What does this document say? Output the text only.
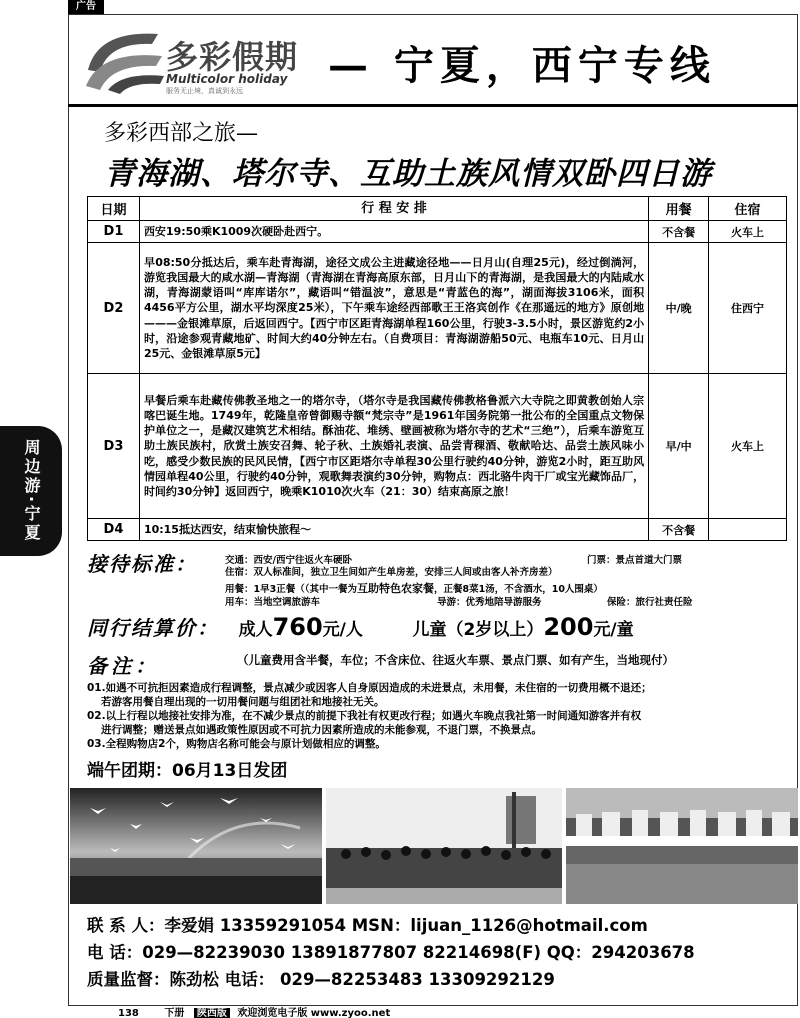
广告
多彩假期
Multicolor holiday
服务无止境，真诚到永远
— 宁夏，西宁专线
多彩西部之旅—
青海湖、塔尔寺、互助土族风情双卧四日游
周边游·宁夏
日期	行 程 安 排	用餐	住宿
D1	西安19:50乘K1009次硬卧赴西宁。	不含餐	火车上
D2	早08:50分抵达后，乘车赴青海湖，途径文成公主进藏途径地——日月山(自理25元)，经过倒淌河，游览我国最大的咸水湖—青海湖（青海湖在青海高原东部，日月山下的青海湖，是我国最大的内陆咸水湖，青海湖蒙语叫“库库诺尔”，藏语叫“错温波”，意思是“青蓝色的海”，湖面海拔3106米，面积4456平方公里，湖水平均深度25米），下午乘车途经西部歌王王洛宾创作《在那遥远的地方》原创地———金银滩草原，后返回西宁。【西宁市区距青海湖单程160公里，行驶3-3.5小时，景区游览约2小时，沿途参观青藏地矿、时间大约40分钟左右。（自费项目：青海湖游船50元、电瓶车10元、日月山25元、金银滩草原5元】	中/晚	住西宁
D3	早餐后乘车赴藏传佛教圣地之一的塔尔寺，（塔尔寺是我国藏传佛教格鲁派六大寺院之即黄教创始人宗喀巴诞生地。1749年，乾隆皇帝曾御赐寺额“梵宗寺”是1961年国务院第一批公布的全国重点文物保护单位之一，是藏汉建筑艺术相结。酥油花、堆绣、壁画被称为塔尔寺的艺术“三绝”），后乘车游览互助土族民族村，欣赏土族安召舞、轮子秋、土族婚礼表演、品尝青稞酒、敬献哈达、品尝土族风味小吃，感受少数民族的民风民情，【西宁市区距塔尔寺单程30公里行驶约40分钟，游览2小时，距互助风情园单程40公里，行驶约40分钟，观歌舞表演约30分钟，购物点：西北骆牛肉干厂或宝光藏饰品厂，时间约30分钟】返回西宁，晚乘K1010次火车（21：30）结束高原之旅！	早/中	火车上
D4	10:15抵达西安，结束愉快旅程～	不含餐	
接待标准：	交通：西安/西宁往返火车硬卧	门票：景点首道大门票
住宿：双人标准间，独立卫生间如产生单房差，安排三人间或由客人补齐房差）
用餐：1早3正餐（（其中一餐为互助特色农家餐，正餐8菜1汤，不含酒水，10人围桌）
用车：当地空调旅游车	导游：优秀地陪导游服务	保险：旅行社责任险
同行结算价： 成人760元/人	儿童（2岁以上）200元/童
备注：	（儿童费用含半餐，车位；不含床位、往返火车票、景点门票、如有产生，当地现付）
01.如遇不可抗拒因素造成行程调整，景点减少或因客人自身原因造成的未进景点，未用餐，未住宿的一切费用概不退还；
若游客用餐自理出现的一切用餐问题与组团社和地接社无关。
02.以上行程以地接社安排为准，在不减少景点的前提下我社有权更改行程；如遇火车晚点我社第一时间通知游客并有权
进行调整；赠送景点如遇政策性原因或不可抗力因素所造成的未能参观，不退门票，不换景点。
03.全程购物店2个，购物店名称可能会与原计划做相应的调整。
端午团期：06月13日发团
联 系 人：李爱娟 13359291054 MSN：lijuan_1126@hotmail.com
电 话：029—82239030 13891877807 82214698(F) QQ：294203678
质量监督：陈劲松 电话： 029—82253483 13309292129
138	下册 陕西版 欢迎浏览电子版 www.zyoo.net
